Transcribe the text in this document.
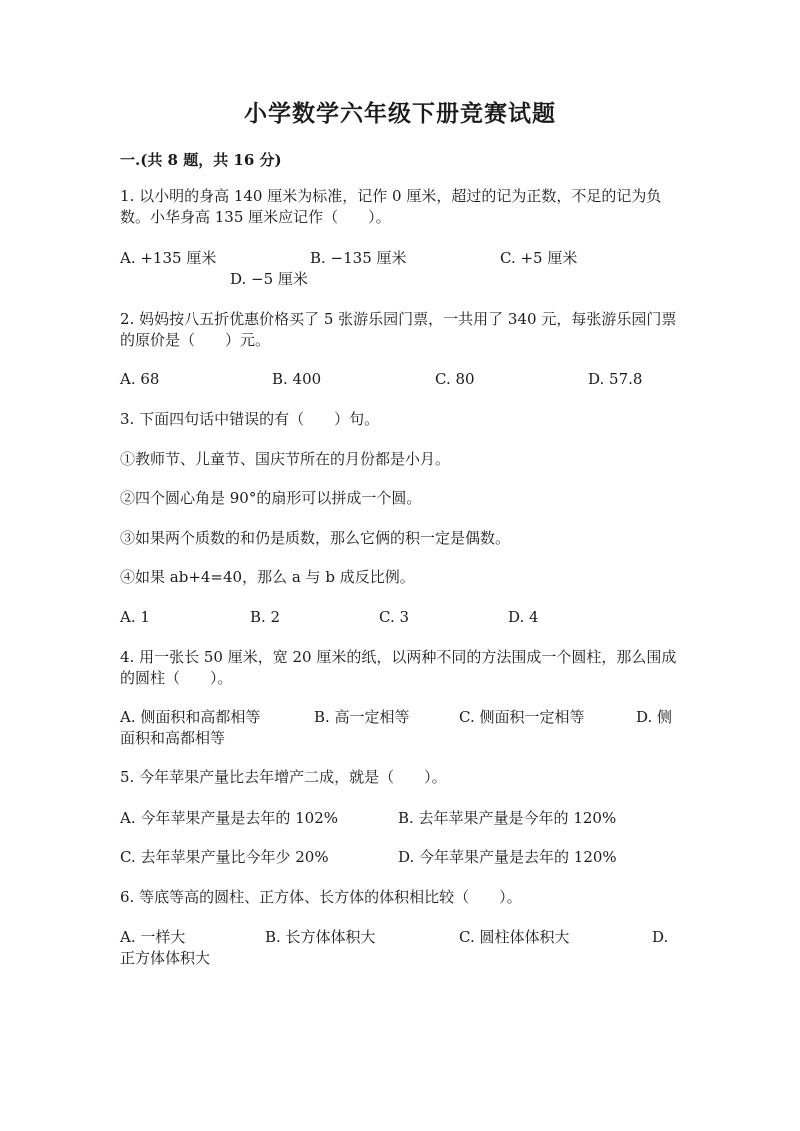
小学数学六年级下册竞赛试题
一.(共 8 题，共 16 分)

1. 以小明的身高 140 厘米为标准，记作 0 厘米，超过的记为正数，不足的记为负数。小华身高 135 厘米应记作（　　）。

A. +135 厘米	B. −135 厘米	C. +5 厘米
D. −5 厘米

2. 妈妈按八五折优惠价格买了 5 张游乐园门票，一共用了 340 元，每张游乐园门票的原价是（　　）元。

A. 68	B. 400	C. 80	D. 57.8

3. 下面四句话中错误的有（　　）句。

①教师节、儿童节、国庆节所在的月份都是小月。

②四个圆心角是 90°的扇形可以拼成一个圆。

③如果两个质数的和仍是质数，那么它俩的积一定是偶数。

④如果 ab+4=40，那么 a 与 b 成反比例。

A. 1	B. 2	C. 3	D. 4

4. 用一张长 50 厘米，宽 20 厘米的纸，以两种不同的方法围成一个圆柱，那么围成的圆柱（　　）。

A. 侧面积和高都相等	B. 高一定相等	C. 侧面积一定相等	D. 侧
面积和高都相等

5. 今年苹果产量比去年增产二成，就是（　　）。

A. 今年苹果产量是去年的 102%	B. 去年苹果产量是今年的 120%
C. 去年苹果产量比今年少 20%	D. 今年苹果产量是去年的 120%

6. 等底等高的圆柱、正方体、长方体的体积相比较（　　）。

A. 一样大	B. 长方体体积大	C. 圆柱体体积大	D.
正方体体积大
